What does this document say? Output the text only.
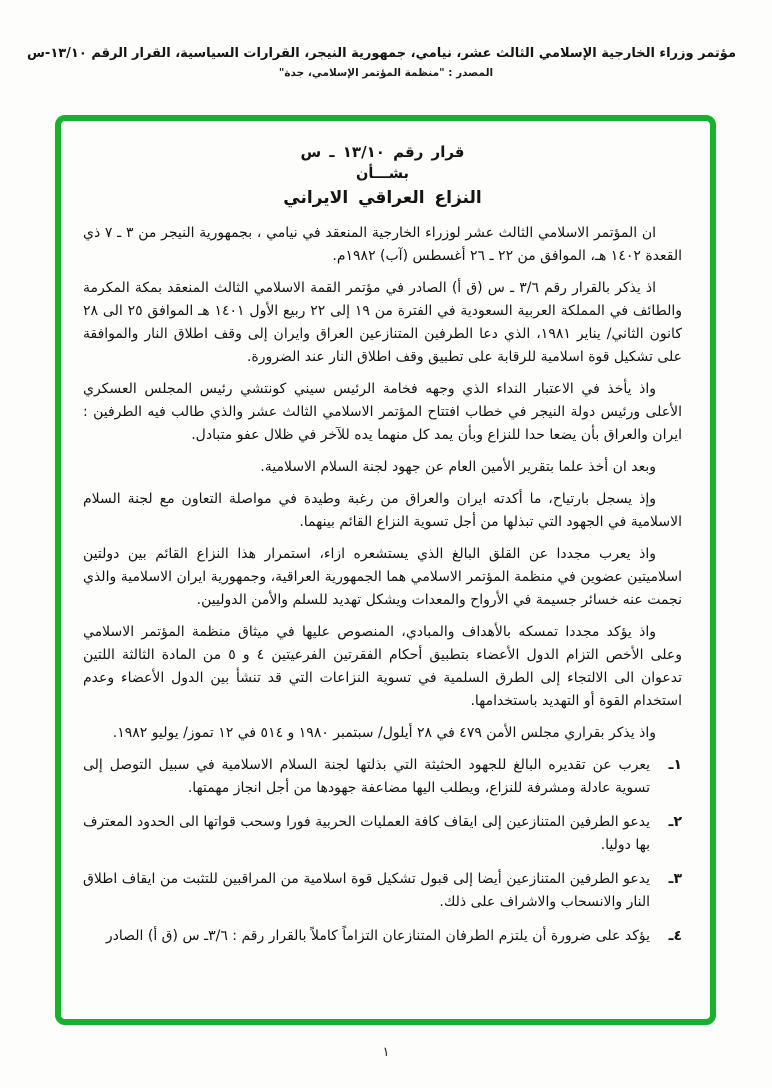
مؤتمر وزراء الخارجية الإسلامي الثالث عشر، نيامي، جمهورية النيجر، القرارات السياسية، القرار الرقم ١٣/١٠-س
المصدر : "منظمة المؤتمر الإسلامي، جدة"
قرار رقم ١٣/١٠ ـ س
بشـــأن
النزاع العراقي الايراني
ان المؤتمر الاسلامي الثالث عشر لوزراء الخارجية المنعقد في نيامي ، بجمهورية النيجر من ٣ ـ ٧ ذي القعدة ١٤٠٢ هـ، الموافق من ٢٢ ـ ٢٦ أغسطس (آب) ١٩٨٢م.
اذ يذكر بالقرار رقم ٣/٦ ـ س (ق أ) الصادر في مؤتمر القمة الاسلامي الثالث المنعقد بمكة المكرمة والطائف في المملكة العربية السعودية في الفترة من ١٩ إلى ٢٢ ربيع الأول ١٤٠١ هـ الموافق ٢٥ الى ٢٨ كانون الثاني/ يناير ١٩٨١، الذي دعا الطرفين المتنازعين العراق وايران إلى وقف اطلاق النار والموافقة على تشكيل قوة اسلامية للرقابة على تطبيق وقف اطلاق النار عند الضرورة.
واذ يأخذ في الاعتبار النداء الذي وجهه فخامة الرئيس سيني كونتشي رئيس المجلس العسكري الأعلى ورئيس دولة النيجر في خطاب افتتاح المؤتمر الاسلامي الثالث عشر والذي طالب فيه الطرفين : ايران والعراق بأن يضعا حدا للنزاع وبأن يمد كل منهما يده للآخر في ظلال عفو متبادل.
وبعد ان أخذ علما بتقرير الأمين العام عن جهود لجنة السلام الاسلامية.
وإذ يسجل بارتياح، ما أكدته ايران والعراق من رغبة وطيدة في مواصلة التعاون مع لجنة السلام الاسلامية في الجهود التي تبذلها من أجل تسوية النزاع القائم بينهما.
واذ يعرب مجددا عن القلق البالغ الذي يستشعره ازاء، استمرار هذا النزاع القائم بين دولتين اسلاميتين عضوين في منظمة المؤتمر الاسلامي هما الجمهورية العراقية، وجمهورية ايران الاسلامية والذي نجمت عنه خسائر جسيمة في الأرواح والمعدات ويشكل تهديد للسلم والأمن الدوليين.
واذ يؤكد مجددا تمسكه بالأهداف والمبادي، المنصوص عليها في ميثاق منظمة المؤتمر الاسلامي وعلى الأخص التزام الدول الأعضاء بتطبيق أحكام الفقرتين الفرعيتين ٤ و ٥ من المادة الثالثة اللتين تدعوان الى الالتجاء إلى الطرق السلمية في تسوية النزاعات التي قد تنشأ بين الدول الأعضاء وعدم استخدام القوة أو التهديد باستخدامها.
واذ يذكر بقراري مجلس الأمن ٤٧٩ في ٢٨ أيلول/ سبتمبر ١٩٨٠ و ٥١٤ في ١٢ تموز/ يوليو ١٩٨٢.
١ـ
يعرب عن تقديره البالغ للجهود الحثيثة التي بذلتها لجنة السلام الاسلامية في سبيل التوصل إلى تسوية عادلة ومشرفة للنزاع، ويطلب اليها مضاعفة جهودها من أجل انجاز مهمتها.
٢ـ
يدعو الطرفين المتنازعين إلى ايقاف كافة العمليات الحربية فورا وسحب قواتها الى الحدود المعترف بها دوليا.
٣ـ
يدعو الطرفين المتنازعين أيضا إلى قبول تشكيل قوة اسلامية من المراقبين للتثبت من ايقاف اطلاق النار والانسحاب والاشراف على ذلك.
٤ـ
يؤكد على ضرورة أن يلتزم الطرفان المتنازعان التزاماً كاملاً بالقرار رقم : ٣/٦ـ س (ق أ) الصادر
١
